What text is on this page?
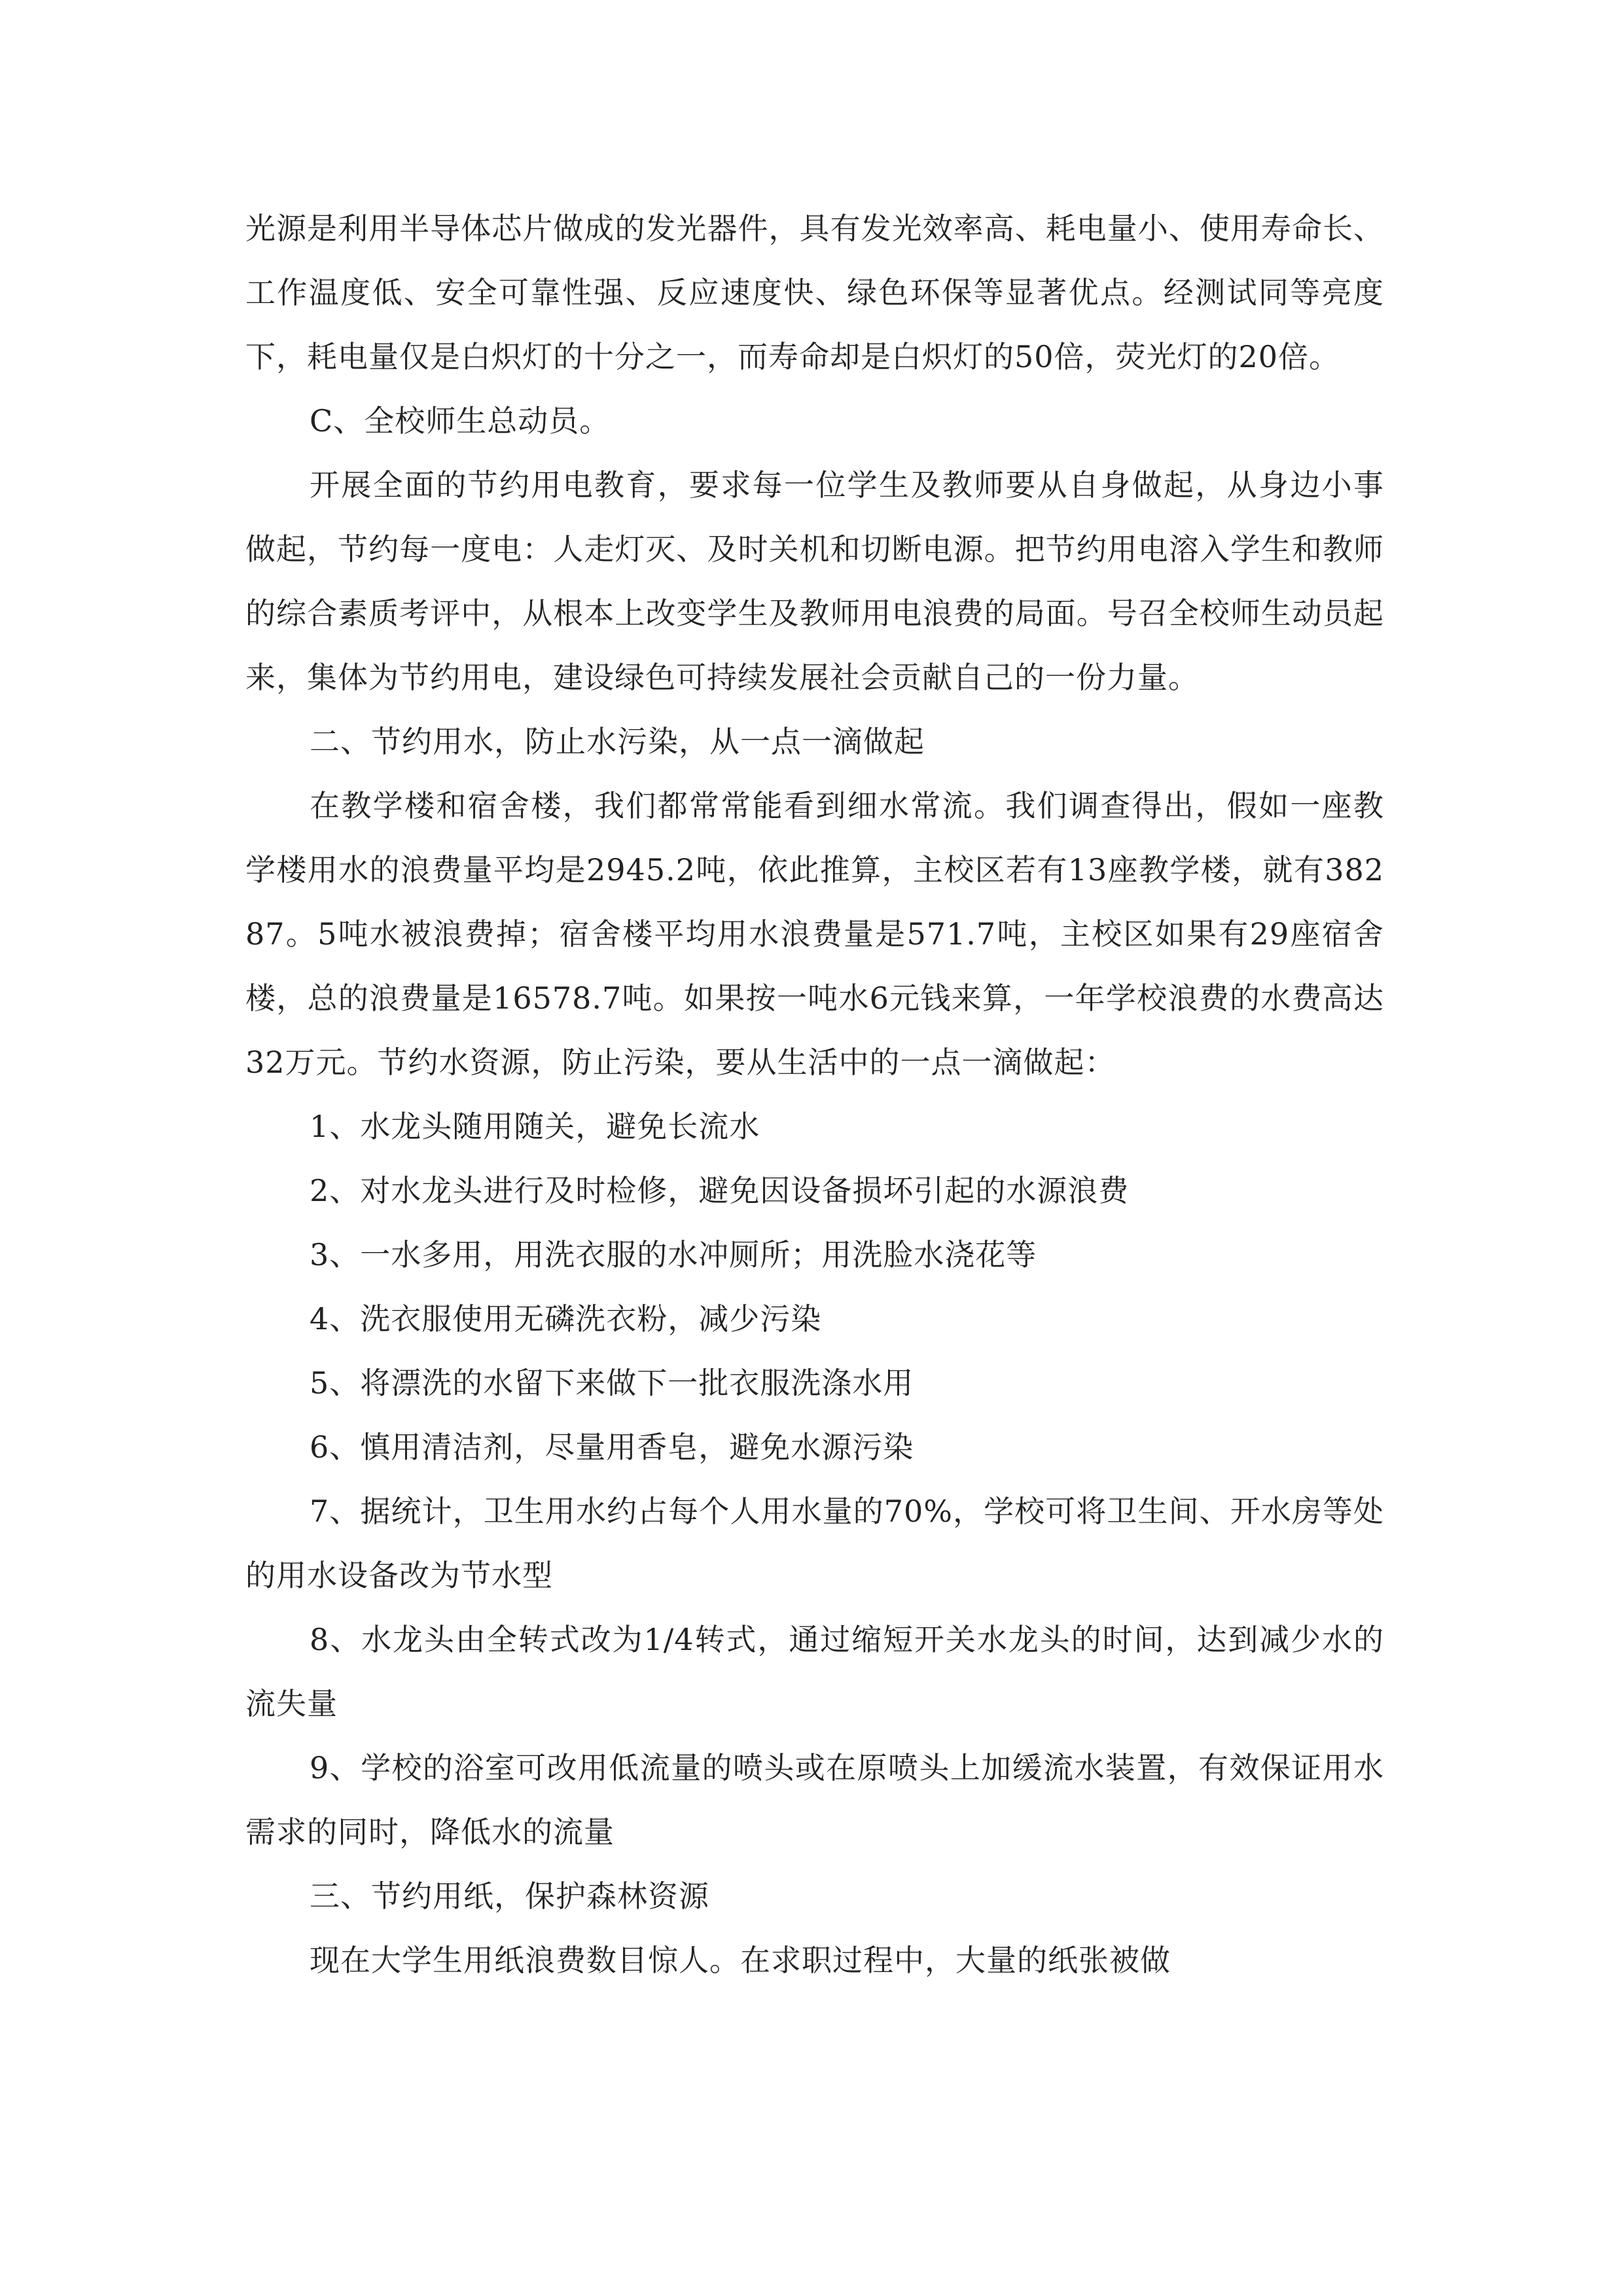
光源是利用半导体芯片做成的发光器件，具有发光效率高、耗电量小、使用寿命长、工作温度低、安全可靠性强、反应速度快、绿色环保等显著优点。经测试同等亮度下，耗电量仅是白炽灯的十分之一，而寿命却是白炽灯的50倍，荧光灯的20倍。

C、全校师生总动员。

开展全面的节约用电教育，要求每一位学生及教师要从自身做起，从身边小事做起，节约每一度电：人走灯灭、及时关机和切断电源。把节约用电溶入学生和教师的综合素质考评中，从根本上改变学生及教师用电浪费的局面。号召全校师生动员起来，集体为节约用电，建设绿色可持续发展社会贡献自己的一份力量。

二、节约用水，防止水污染，从一点一滴做起

在教学楼和宿舍楼，我们都常常能看到细水常流。我们调查得出，假如一座教学楼用水的浪费量平均是2945.2吨，依此推算，主校区若有13座教学楼，就有38287。5吨水被浪费掉；宿舍楼平均用水浪费量是571.7吨，主校区如果有29座宿舍楼，总的浪费量是16578.7吨。如果按一吨水6元钱来算，一年学校浪费的水费高达32万元。节约水资源，防止污染，要从生活中的一点一滴做起：

1、水龙头随用随关，避免长流水

2、对水龙头进行及时检修，避免因设备损坏引起的水源浪费

3、一水多用，用洗衣服的水冲厕所；用洗脸水浇花等

4、洗衣服使用无磷洗衣粉，减少污染

5、将漂洗的水留下来做下一批衣服洗涤水用

6、慎用清洁剂，尽量用香皂，避免水源污染

7、据统计，卫生用水约占每个人用水量的70%，学校可将卫生间、开水房等处的用水设备改为节水型

8、水龙头由全转式改为1/4转式，通过缩短开关水龙头的时间，达到减少水的流失量

9、学校的浴室可改用低流量的喷头或在原喷头上加缓流水装置，有效保证用水需求的同时，降低水的流量

三、节约用纸，保护森林资源

现在大学生用纸浪费数目惊人。在求职过程中，大量的纸张被做
